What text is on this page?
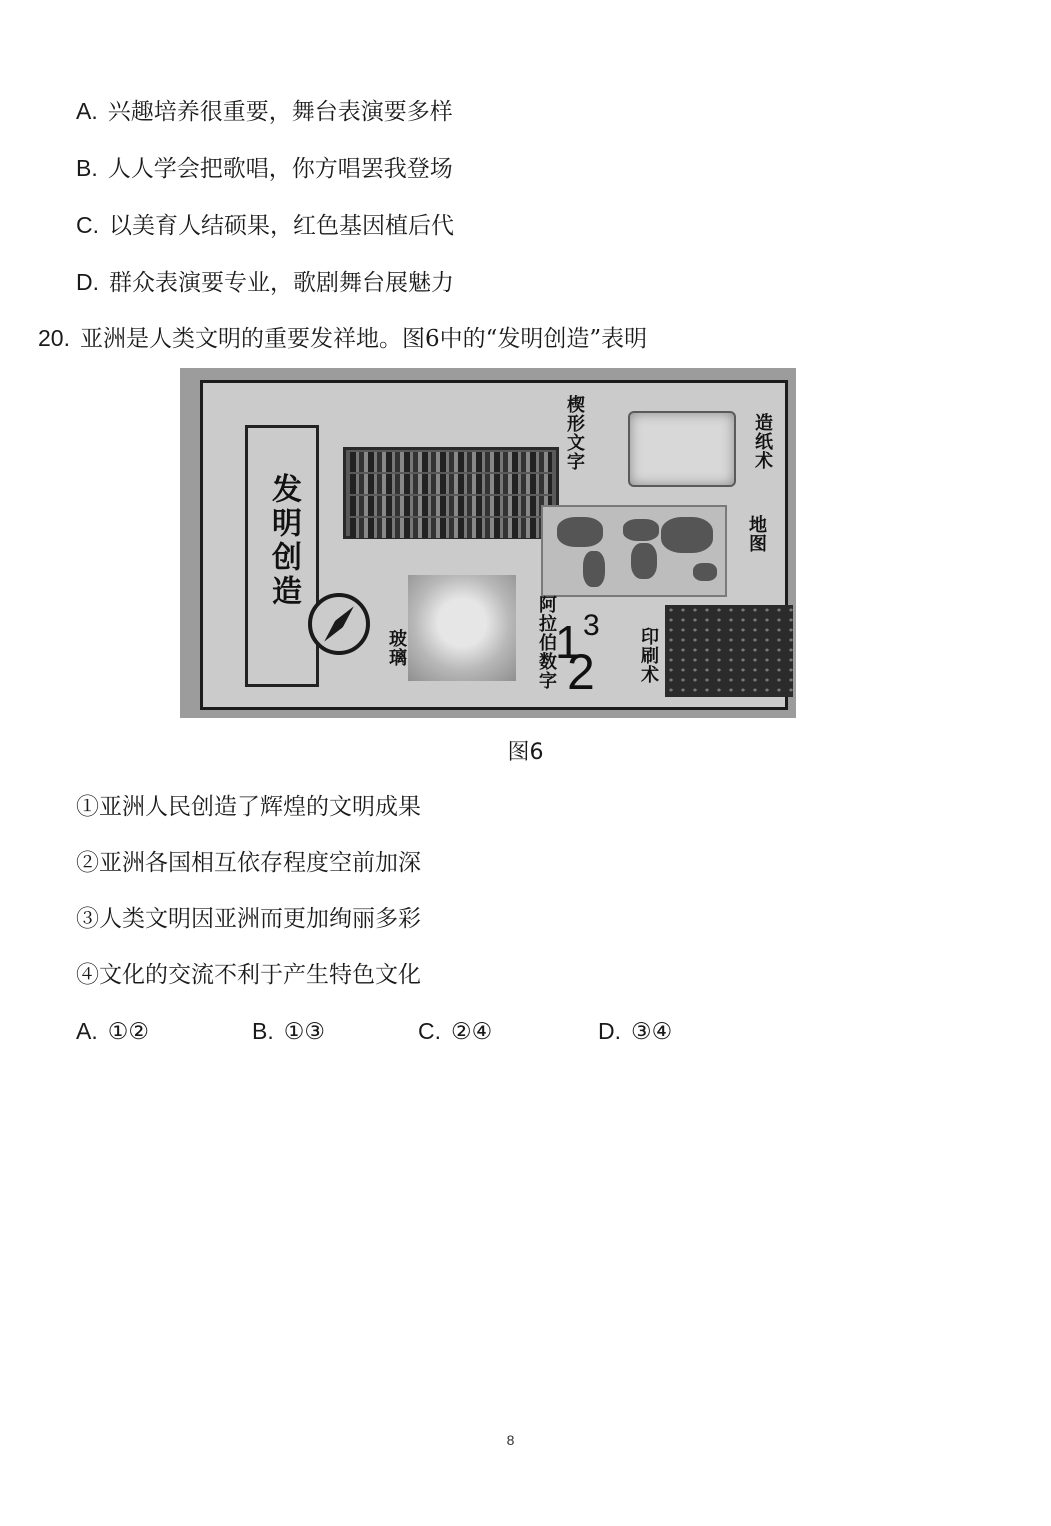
A. 兴趣培养很重要，舞台表演要多样
B. 人人学会把歌唱，你方唱罢我登场
C. 以美育人结硕果，红色基因植后代
D. 群众表演要专业，歌剧舞台展魅力
20. 亚洲是人类文明的重要发祥地。图6中的“发明创造”表明
发明创造
楔形文字	造纸术
地图
玻璃	阿拉伯数字
1 3
2 印刷术
图6
①亚洲人民创造了辉煌的文明成果
②亚洲各国相互依存程度空前加深
③人类文明因亚洲而更加绚丽多彩
④文化的交流不利于产生特色文化
A. ①②	B. ①③	C. ②④	D. ③④
8
